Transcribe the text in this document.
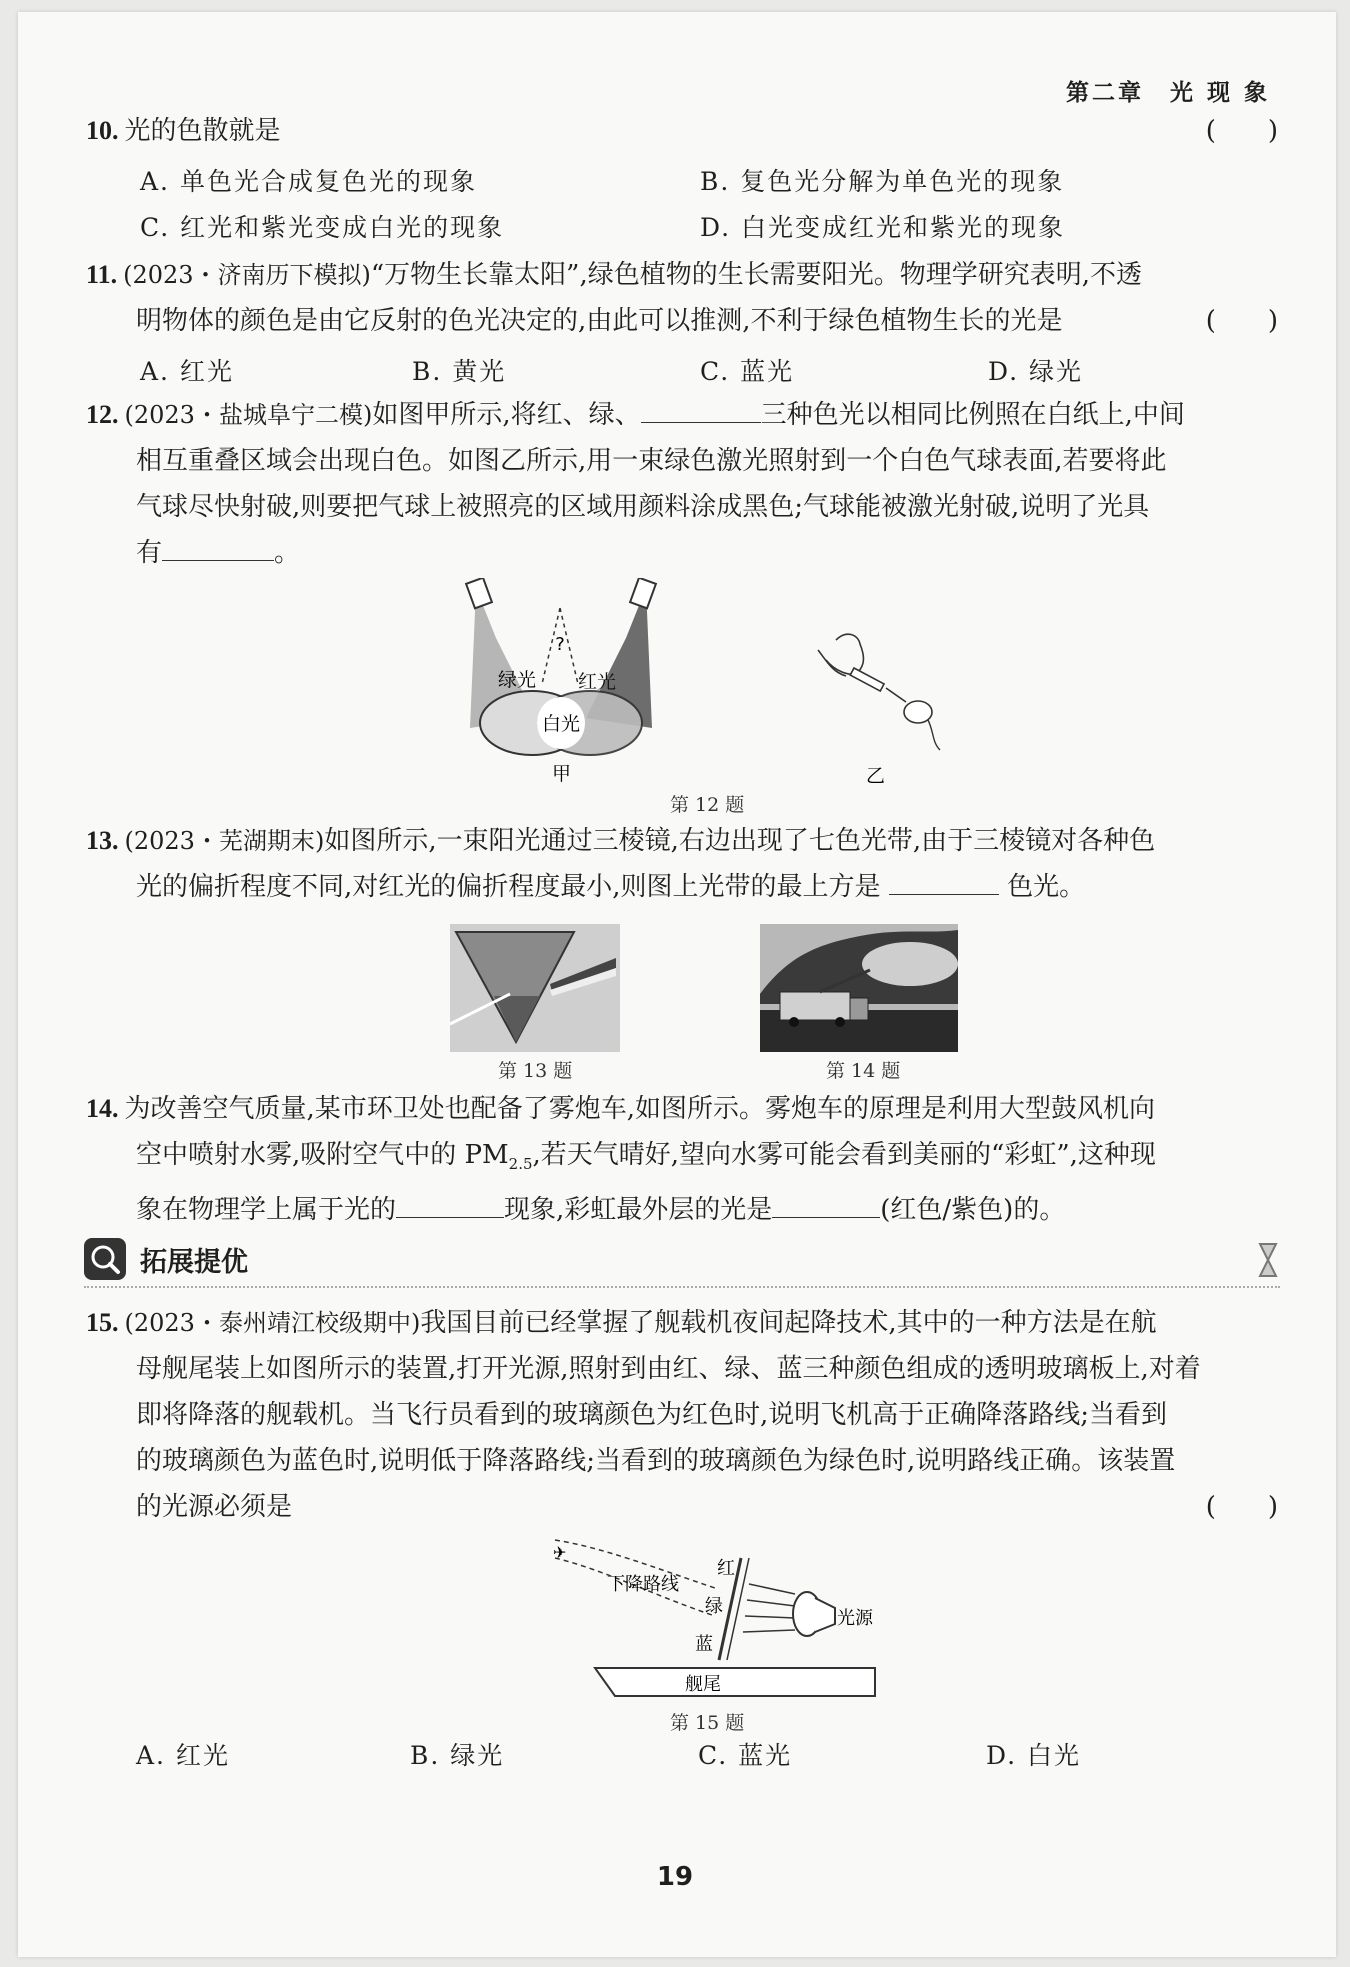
第二章　光 现 象
10. 光的色散就是	(　　)
A. 单色光合成复色光的现象	B. 复色光分解为单色光的现象
C. 红光和紫光变成白光的现象	D. 白光变成红光和紫光的现象
11. (2023・济南历下模拟)“万物生长靠太阳”,绿色植物的生长需要阳光。物理学研究表明,不透
明物体的颜色是由它反射的色光决定的,由此可以推测,不利于绿色植物生长的光是	(　　)
A. 红光	B. 黄光	C. 蓝光	D. 绿光
12. (2023・盐城阜宁二模)如图甲所示,将红、绿、	三种色光以相同比例照在白纸上,中间
相互重叠区域会出现白色。如图乙所示,用一束绿色激光照射到一个白色气球表面,若要将此
气球尽快射破,则要把气球上被照亮的区域用颜料涂成黑色;气球能被激光射破,说明了光具
有	。
?
绿光 红光
白光
甲	乙
第 12 题
13. (2023・芜湖期末)如图所示,一束阳光通过三棱镜,右边出现了七色光带,由于三棱镜对各种色
光的偏折程度不同,对红光的偏折程度最小,则图上光带的最上方是	色光。
第 13 题	第 14 题
14. 为改善空气质量,某市环卫处也配备了雾炮车,如图所示。雾炮车的原理是利用大型鼓风机向
空中喷射水雾,吸附空气中的 $PM_{2.5}$,若天气晴好,望向水雾可能会看到美丽的“彩虹”,这种现
象在物理学上属于光的	现象,彩虹最外层的光是	(红色/紫色)的。
拓展提优
15. (2023・泰州靖江校级期中)我国目前已经掌握了舰载机夜间起降技术,其中的一种方法是在航
母舰尾装上如图所示的装置,打开光源,照射到由红、绿、蓝三种颜色组成的透明玻璃板上,对着
即将降落的舰载机。当飞行员看到的玻璃颜色为红色时,说明飞机高于正确降落路线;当看到
的玻璃颜色为蓝色时,说明低于降落路线;当看到的玻璃颜色为绿色时,说明路线正确。该装置
的光源必须是	(　　)
✈
下降路线
红
绿
蓝
光源
舰尾
第 15 题
A. 红光	B. 绿光	C. 蓝光	D. 白光
19
